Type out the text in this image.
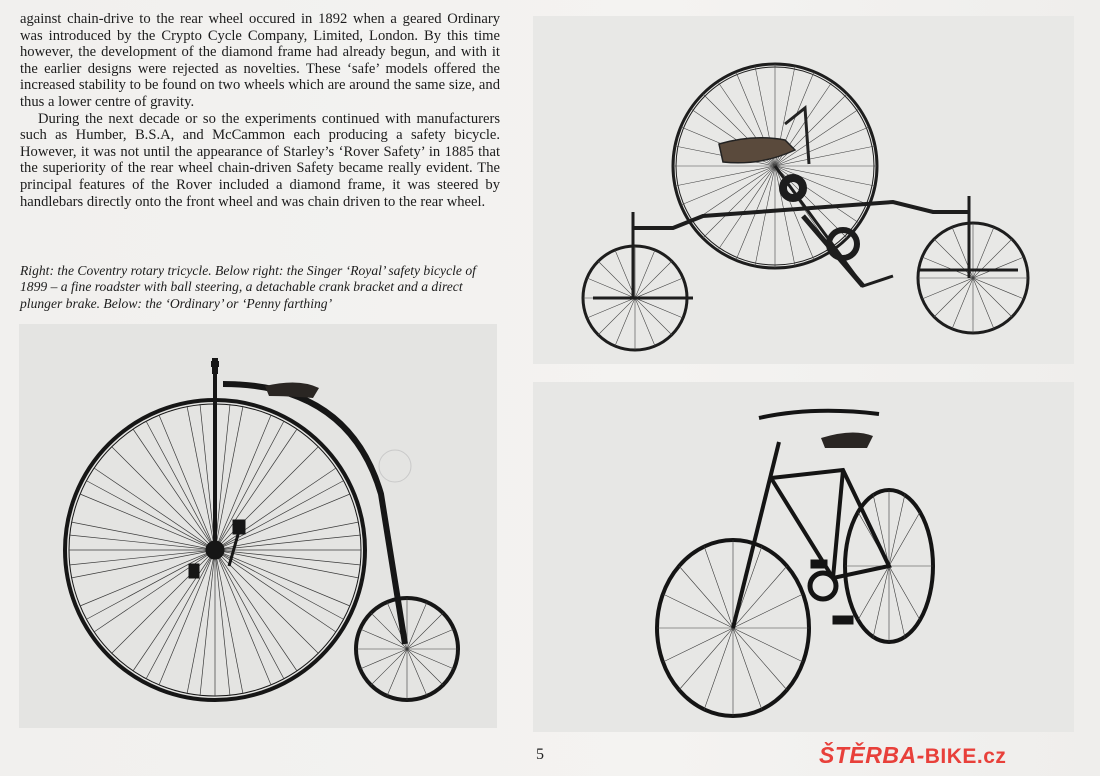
against chain-drive to the rear wheel occured in 1892 when a geared Ordinary was introduced by the Crypto Cycle Company, Limited, London. By this time however, the development of the diamond frame had already begun, and with it the earlier designs were rejected as novelties. These ‘safe’ models offered the increased stability to be found on two wheels which are around the same size, and thus a lower centre of gravity.

During the next decade or so the experiments continued with manufacturers such as Humber, B.S.A, and McCammon each producing a safety bicycle. However, it was not until the appearance of Starley’s ‘Rover Safety’ in 1885 that the superiority of the rear wheel chain-driven Safety became really evident. The principal features of the Rover included a diamond frame, it was steered by handlebars directly onto the front wheel and was chain driven to the rear wheel.

Right: the Coventry rotary tricycle. Below right: the Singer ‘Royal’ safety bicycle of 1899 – a fine roadster with ball steering, a detachable crank bracket and a direct plunger brake. Below: the ‘Ordinary’ or ‘Penny farthing’
5	ŠTĚRBA-BIKE.cz
